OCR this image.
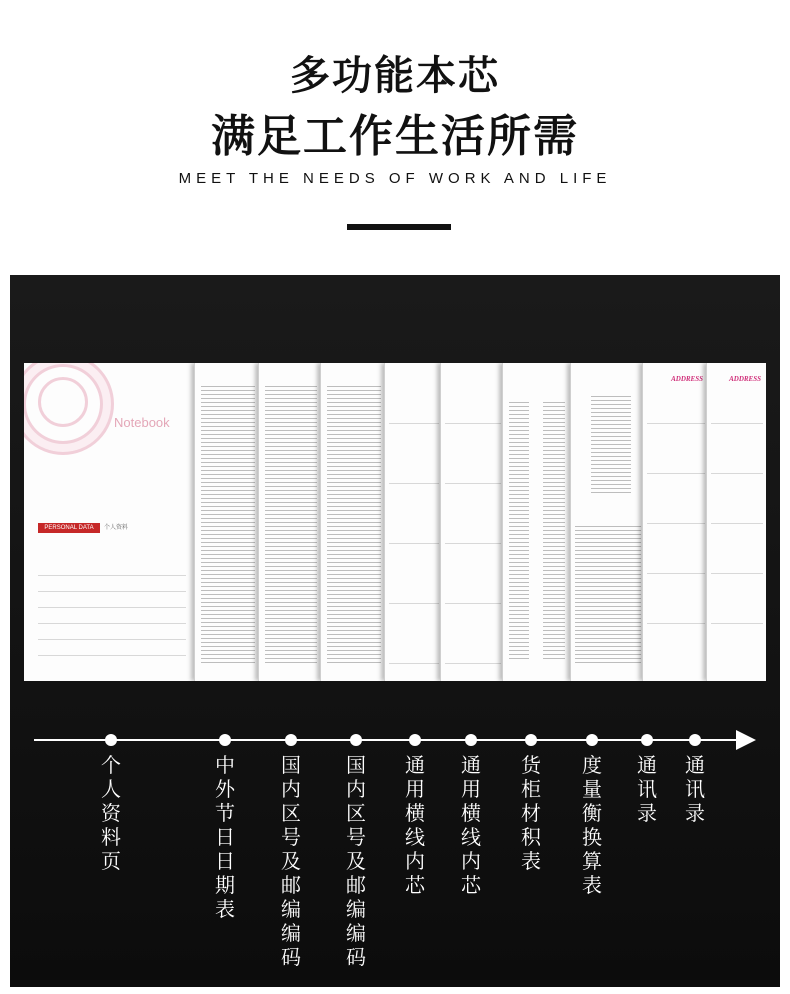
多功能本芯
满足工作生活所需
MEET THE NEEDS OF WORK AND LIFE
Notebook
PERSONAL DATA	个人资料
ADDRESS	ADDRESS
个人资料页
中外节日日期表
国内区号及邮编编码
国内区号及邮编编码
通用横线内芯
通用横线内芯
货柜材积表
度量衡换算表
通讯录
通讯录
